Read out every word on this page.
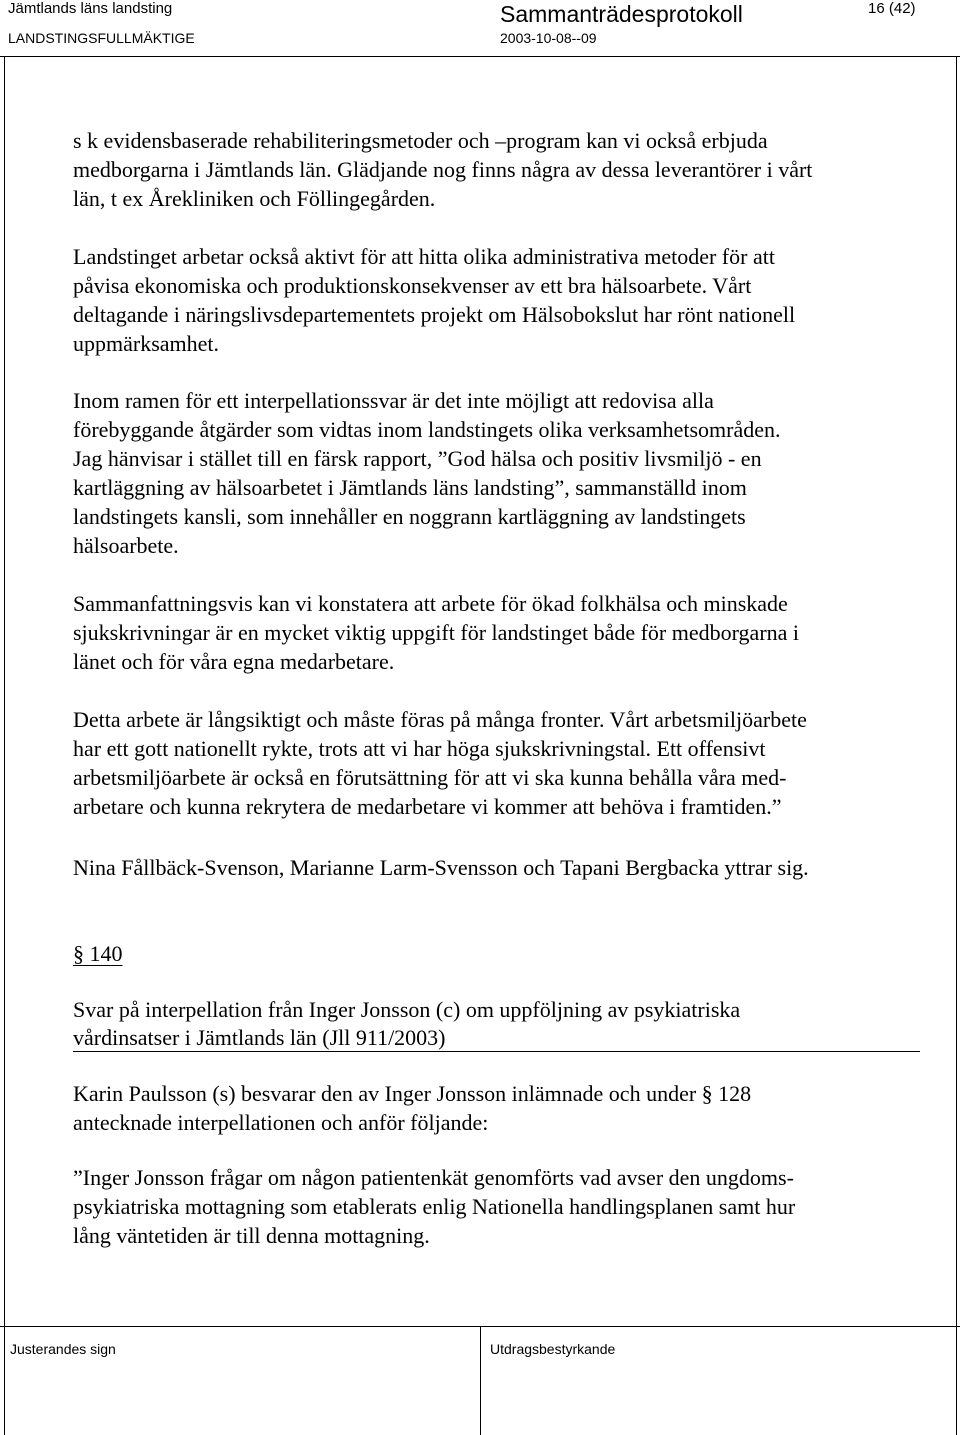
Jämtlands läns landsting	Sammanträdesprotokoll	16 (42)
LANDSTINGSFULLMÄKTIGE	2003-10-08--09
s k evidensbaserade rehabiliteringsmetoder och –program kan vi också erbjuda
medborgarna i Jämtlands län. Glädjande nog finns några av dessa leverantörer i vårt
län, t ex Årekliniken och Föllingegården.
Landstinget arbetar också aktivt för att hitta olika administrativa metoder för att
påvisa ekonomiska och produktionskonsekvenser av ett bra hälsoarbete. Vårt
deltagande i näringslivsdepartementets projekt om Hälsobokslut har rönt nationell
uppmärksamhet.
Inom ramen för ett interpellationssvar är det inte möjligt att redovisa alla
förebyggande åtgärder som vidtas inom landstingets olika verksamhetsområden.
Jag hänvisar i stället till en färsk rapport, ”God hälsa och positiv livsmiljö - en
kartläggning av hälsoarbetet i Jämtlands läns landsting”, sammanställd inom
landstingets kansli, som innehåller en noggrann kartläggning av landstingets
hälsoarbete.
Sammanfattningsvis kan vi konstatera att arbete för ökad folkhälsa och minskade
sjukskrivningar är en mycket viktig uppgift för landstinget både för medborgarna i
länet och för våra egna medarbetare.
Detta arbete är långsiktigt och måste föras på många fronter. Vårt arbetsmiljöarbete
har ett gott nationellt rykte, trots att vi har höga sjukskrivningstal. Ett offensivt
arbetsmiljöarbete är också en förutsättning för att vi ska kunna behålla våra med-
arbetare och kunna rekrytera de medarbetare vi kommer att behöva i framtiden.”
Nina Fållbäck-Svenson, Marianne Larm-Svensson och Tapani Bergbacka yttrar sig.
§ 140
Svar på interpellation från Inger Jonsson (c) om uppföljning av psykiatriska
vårdinsatser i Jämtlands län (Jll 911/2003)
Karin Paulsson (s) besvarar den av Inger Jonsson inlämnade och under § 128
antecknade interpellationen och anför följande:
”Inger Jonsson frågar om någon patientenkät genomförts vad avser den ungdoms-
psykiatriska mottagning som etablerats enlig Nationella handlingsplanen samt hur
lång väntetiden är till denna mottagning.
Justerandes sign	Utdragsbestyrkande
